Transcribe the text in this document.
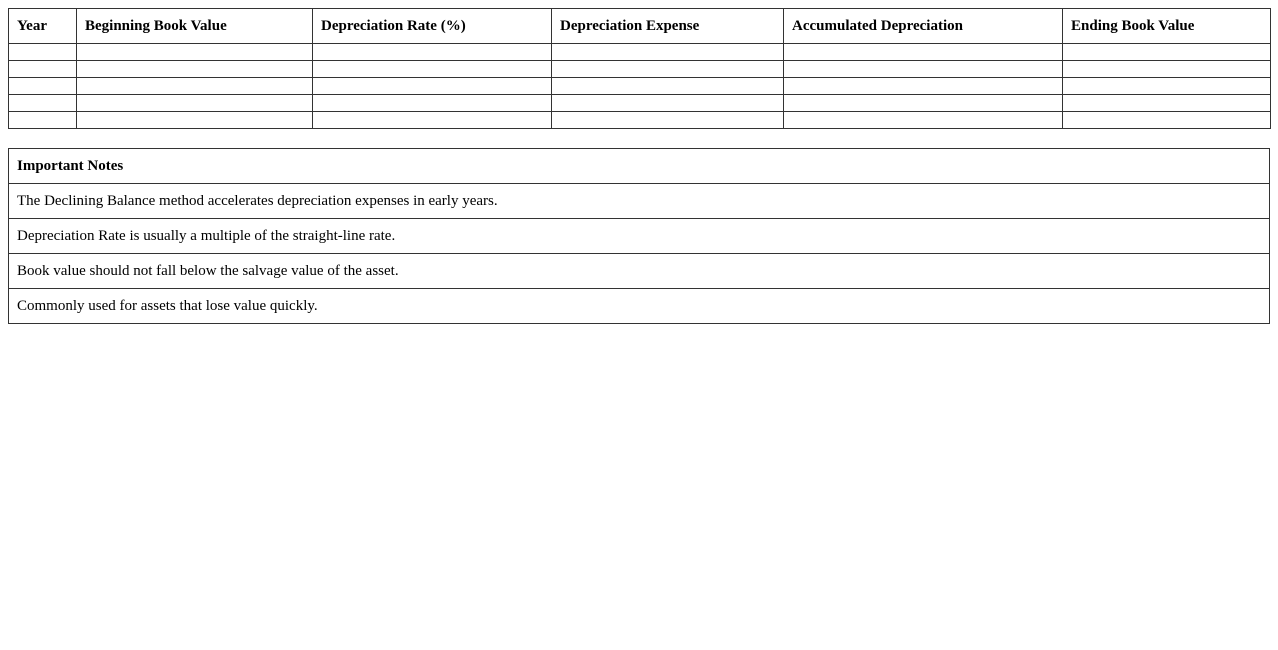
Year	Beginning Book Value	Depreciation Rate (%)	Depreciation Expense	Accumulated Depreciation	Ending Book Value

Important Notes
The Declining Balance method accelerates depreciation expenses in early years.
Depreciation Rate is usually a multiple of the straight-line rate.
Book value should not fall below the salvage value of the asset.
Commonly used for assets that lose value quickly.
